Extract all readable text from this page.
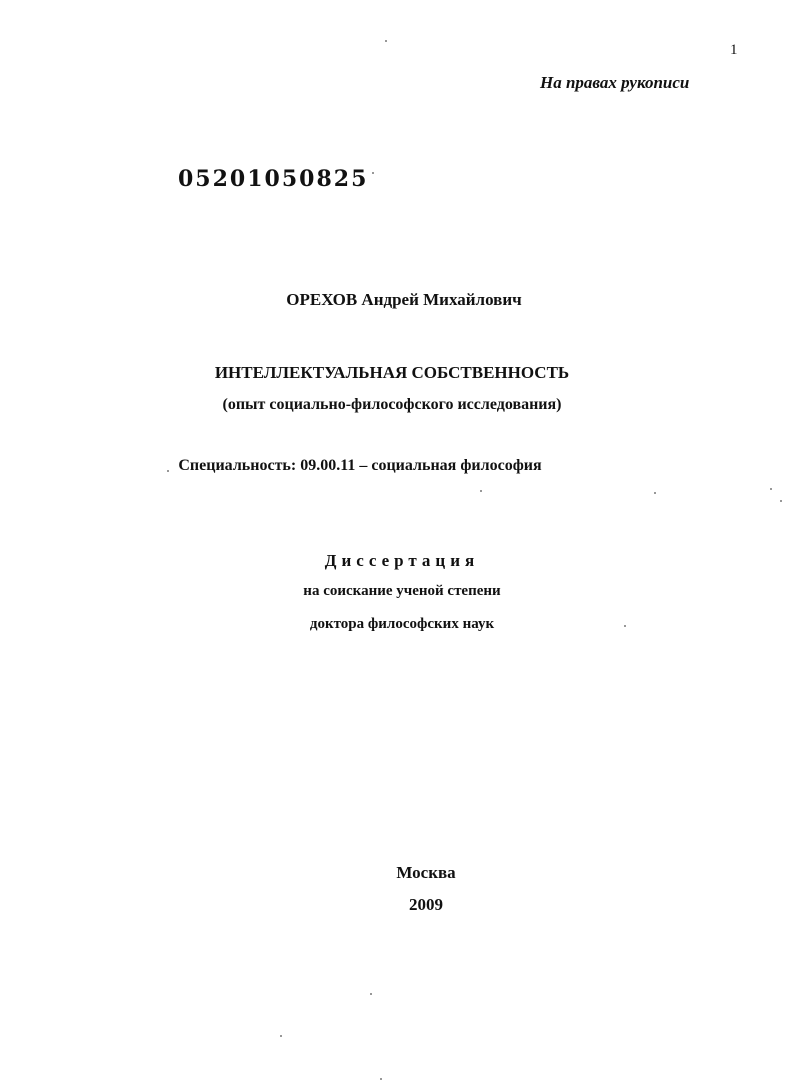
1
На правах рукописи
05201050825
ОРЕХОВ Андрей Михайлович
ИНТЕЛЛЕКТУАЛЬНАЯ СОБСТВЕННОСТЬ
(опыт социально-философского исследования)
Специальность: 09.00.11 – социальная философия
Диссертация
на соискание ученой степени
доктора философских наук
Москва
2009
